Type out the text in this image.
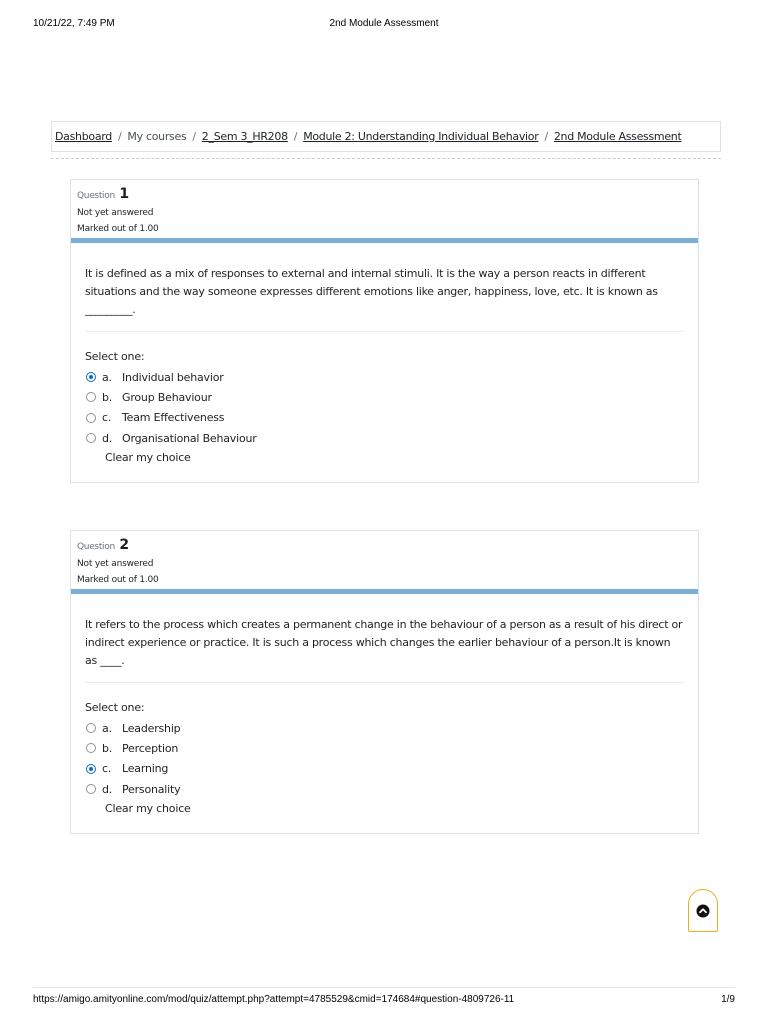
10/21/22, 7:49 PM	2nd Module Assessment
Dashboard / My courses / 2_Sem 3_HR208 / Module 2: Understanding Individual Behavior / 2nd Module Assessment
Question 1
Not yet answered
Marked out of 1.00
It is defined as a mix of responses to external and internal stimuli. It is the way a person reacts in different situations and the way someone expresses different emotions like anger, happiness, love, etc. It is known as _________.
Select one:
a. Individual behavior
b. Group Behaviour
c. Team Effectiveness
d. Organisational Behaviour
Clear my choice
Question 2
Not yet answered
Marked out of 1.00
It refers to the process which creates a permanent change in the behaviour of a person as a result of his direct or indirect experience or practice. It is such a process which changes the earlier behaviour of a person.It is known as ____.
Select one:
a. Leadership
b. Perception
c. Learning
d. Personality
Clear my choice
https://amigo.amityonline.com/mod/quiz/attempt.php?attempt=4785529&cmid=174684#question-4809726-11	1/9
